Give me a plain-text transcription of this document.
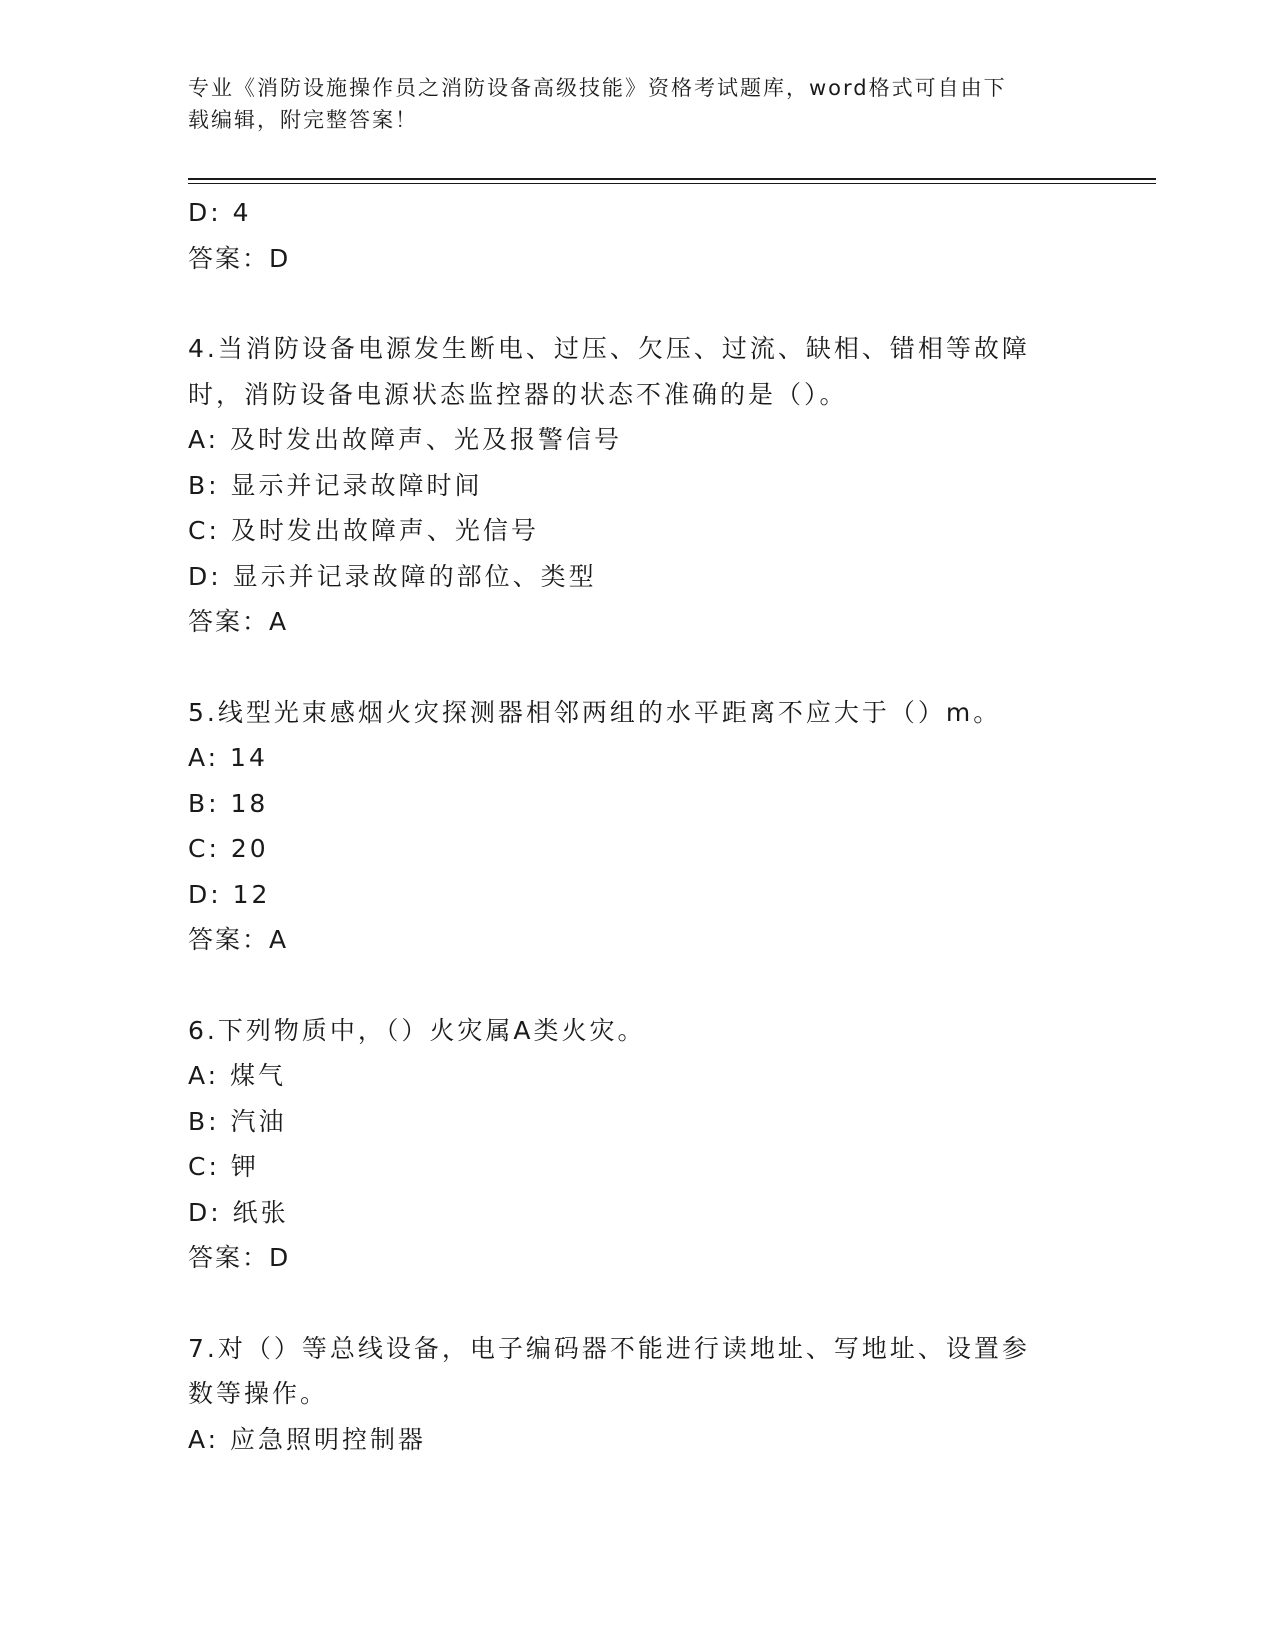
专业《消防设施操作员之消防设备高级技能》资格考试题库，word格式可自由下
载编辑，附完整答案！
D: 4
答案：D
4.当消防设备电源发生断电、过压、欠压、过流、缺相、错相等故障
时，消防设备电源状态监控器的状态不准确的是（）。
A: 及时发出故障声、光及报警信号
B: 显示并记录故障时间
C: 及时发出故障声、光信号
D: 显示并记录故障的部位、类型
答案：A
5.线型光束感烟火灾探测器相邻两组的水平距离不应大于（）m。
A: 14
B: 18
C: 20
D: 12
答案：A
6.下列物质中，（）火灾属A类火灾。
A: 煤气
B: 汽油
C: 钾
D: 纸张
答案：D
7.对（）等总线设备，电子编码器不能进行读地址、写地址、设置参
数等操作。
A: 应急照明控制器
